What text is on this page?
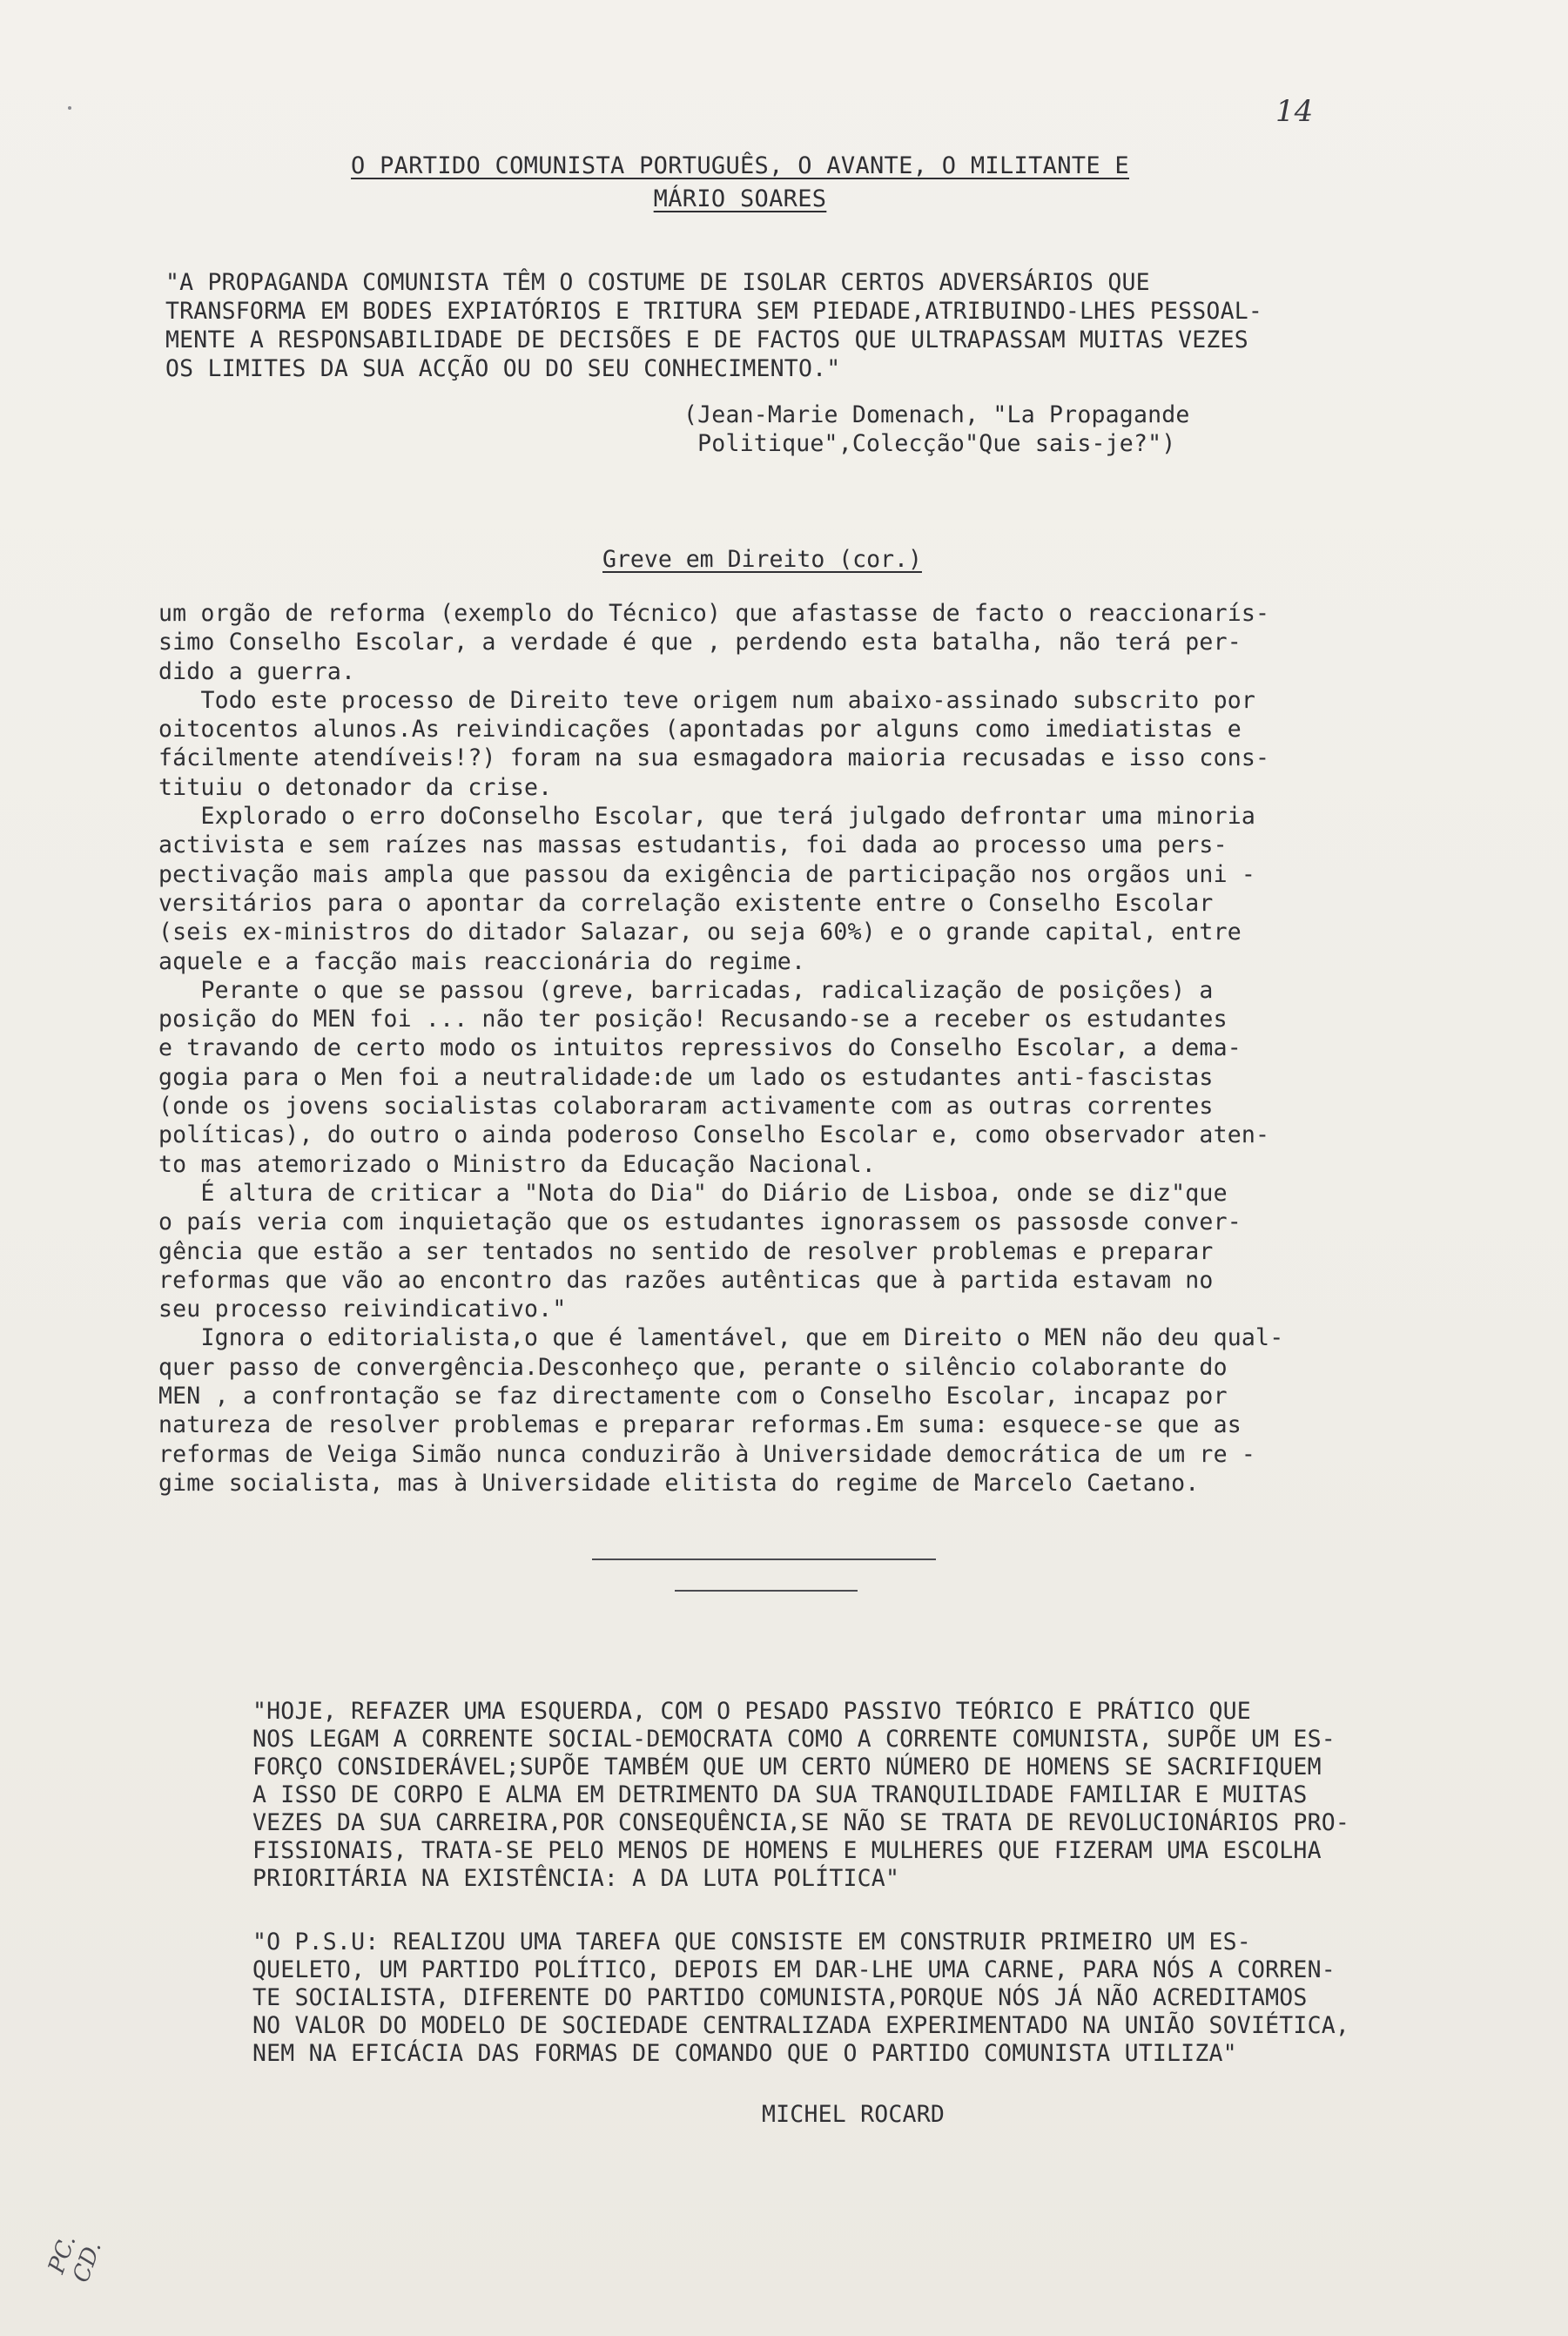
14
O PARTIDO COMUNISTA PORTUGUÊS, O AVANTE, O MILITANTE E
MÁRIO SOARES
"A PROPAGANDA COMUNISTA TÊM O COSTUME DE ISOLAR CERTOS ADVERSÁRIOS QUE
TRANSFORMA EM BODES EXPIATÓRIOS E TRITURA SEM PIEDADE,ATRIBUINDO-LHES PESSOAL-
MENTE A RESPONSABILIDADE DE DECISÕES E DE FACTOS QUE ULTRAPASSAM MUITAS VEZES
OS LIMITES DA SUA ACÇÃO OU DO SEU CONHECIMENTO."
(Jean-Marie Domenach, "La Propagande
Politique",Colecção"Que sais-je?")
Greve em Direito (cor.)
um orgão de reforma (exemplo do Técnico) que afastasse de facto o reaccionarís-
simo Conselho Escolar, a verdade é que , perdendo esta batalha, não terá per-
dido a guerra.
Todo este processo de Direito teve origem num abaixo-assinado subscrito por
oitocentos alunos.As reivindicações (apontadas por alguns como imediatistas e
fácilmente atendíveis!?) foram na sua esmagadora maioria recusadas e isso cons-
tituiu o detonador da crise.
Explorado o erro doConselho Escolar, que terá julgado defrontar uma minoria
activista e sem raízes nas massas estudantis, foi dada ao processo uma pers-
pectivação mais ampla que passou da exigência de participação nos orgãos uni -
versitários para o apontar da correlação existente entre o Conselho Escolar
(seis ex-ministros do ditador Salazar, ou seja 60%) e o grande capital, entre
aquele e a facção mais reaccionária do regime.
Perante o que se passou (greve, barricadas, radicalização de posições) a
posição do MEN foi ... não ter posição! Recusando-se a receber os estudantes
e travando de certo modo os intuitos repressivos do Conselho Escolar, a dema-
gogia para o Men foi a neutralidade:de um lado os estudantes anti-fascistas
(onde os jovens socialistas colaboraram activamente com as outras correntes
políticas), do outro o ainda poderoso Conselho Escolar e, como observador aten-
to mas atemorizado o Ministro da Educação Nacional.
É altura de criticar a "Nota do Dia" do Diário de Lisboa, onde se diz"que
o país veria com inquietação que os estudantes ignorassem os passosde conver-
gência que estão a ser tentados no sentido de resolver problemas e preparar
reformas que vão ao encontro das razões autênticas que à partida estavam no
seu processo reivindicativo."
Ignora o editorialista,o que é lamentável, que em Direito o MEN não deu qual-
quer passo de convergência.Desconheço que, perante o silêncio colaborante do
MEN , a confrontação se faz directamente com o Conselho Escolar, incapaz por
natureza de resolver problemas e preparar reformas.Em suma: esquece-se que as
reformas de Veiga Simão nunca conduzirão à Universidade democrática de um re -
gime socialista, mas à Universidade elitista do regime de Marcelo Caetano.
"HOJE, REFAZER UMA ESQUERDA, COM O PESADO PASSIVO TEÓRICO E PRÁTICO QUE
NOS LEGAM A CORRENTE SOCIAL-DEMOCRATA COMO A CORRENTE COMUNISTA, SUPÕE UM ES-
FORÇO CONSIDERÁVEL;SUPÕE TAMBÉM QUE UM CERTO NÚMERO DE HOMENS SE SACRIFIQUEM
A ISSO DE CORPO E ALMA EM DETRIMENTO DA SUA TRANQUILIDADE FAMILIAR E MUITAS
VEZES DA SUA CARREIRA,POR CONSEQUÊNCIA,SE NÃO SE TRATA DE REVOLUCIONÁRIOS PRO-
FISSIONAIS, TRATA-SE PELO MENOS DE HOMENS E MULHERES QUE FIZERAM UMA ESCOLHA
PRIORITÁRIA NA EXISTÊNCIA: A DA LUTA POLÍTICA"
"O P.S.U: REALIZOU UMA TAREFA QUE CONSISTE EM CONSTRUIR PRIMEIRO UM ES-
QUELETO, UM PARTIDO POLÍTICO, DEPOIS EM DAR-LHE UMA CARNE, PARA NÓS A CORREN-
TE SOCIALISTA, DIFERENTE DO PARTIDO COMUNISTA,PORQUE NÓS JÁ NÃO ACREDITAMOS
NO VALOR DO MODELO DE SOCIEDADE CENTRALIZADA EXPERIMENTADO NA UNIÃO SOVIÉTICA,
NEM NA EFICÁCIA DAS FORMAS DE COMANDO QUE O PARTIDO COMUNISTA UTILIZA"
MICHEL ROCARD
PC.
CD.
